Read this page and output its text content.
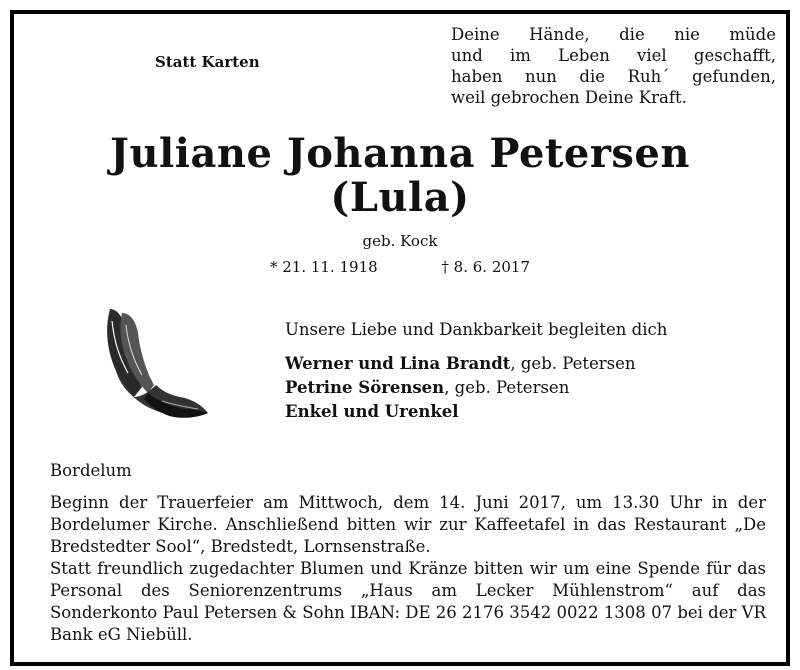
Statt Karten
Deine Hände, die nie müde
und im Leben viel geschafft,
haben nun die Ruh´ gefunden,
weil gebrochen Deine Kraft.
Juliane Johanna Petersen
(Lula)
geb. Kock
* 21. 11. 1918	† 8. 6. 2017
Unsere Liebe und Dankbarkeit begleiten dich
Werner und Lina Brandt, geb. Petersen
Petrine Sörensen, geb. Petersen
Enkel und Urenkel
Bordelum

Beginn der Trauerfeier am Mittwoch, dem 14. Juni 2017, um 13.30 Uhr in der Bordelumer Kirche. Anschließend bitten wir zur Kaffeetafel in das Restaurant „De Bredstedter Sool“, Bredstedt, Lornsenstraße.

Statt freundlich zugedachter Blumen und Kränze bitten wir um eine Spende für das Personal des Seniorenzentrums „Haus am Lecker Mühlenstrom“ auf das Sonderkonto Paul Petersen & Sohn IBAN: DE 26 2176 3542 0022 1308 07 bei der VR Bank eG Niebüll.
